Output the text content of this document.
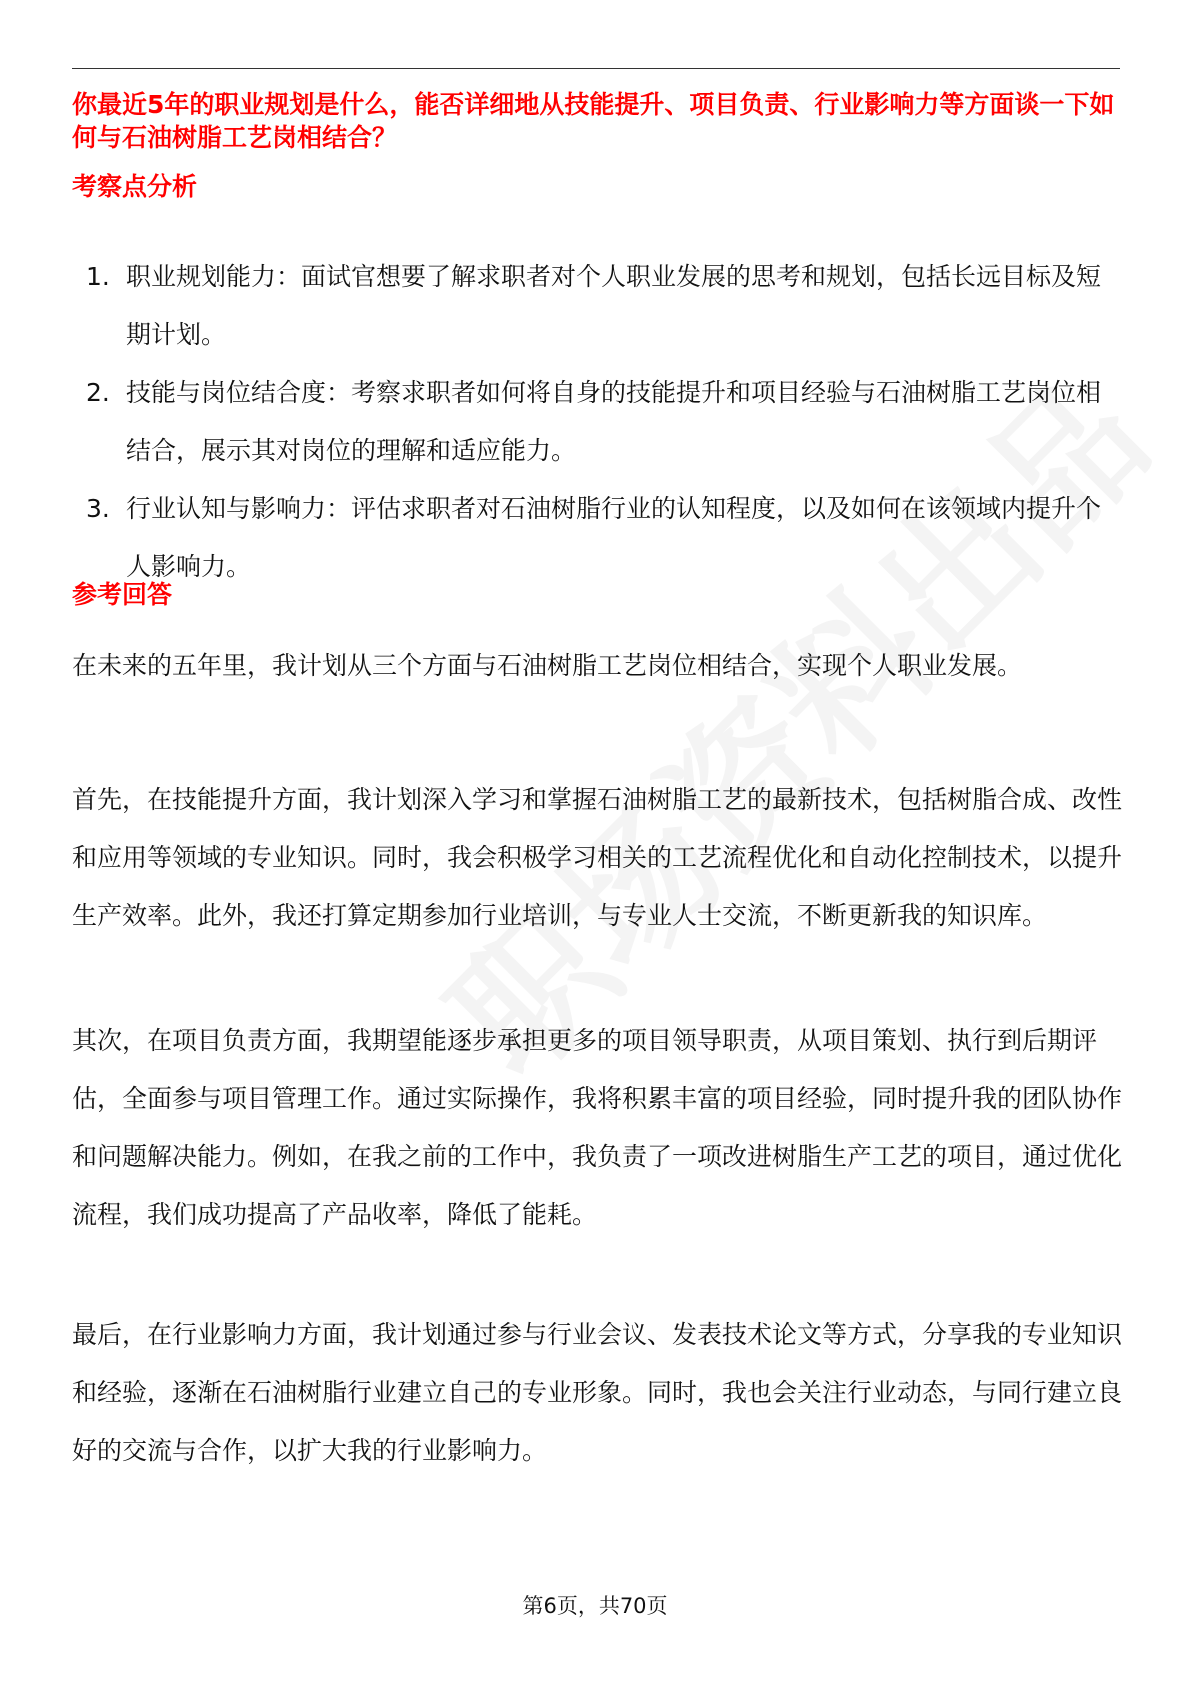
你最近5年的职业规划是什么，能否详细地从技能提升、项目负责、行业影响力等方面谈一下如何与石油树脂工艺岗相结合？

考察点分析
1. 职业规划能力：面试官想要了解求职者对个人职业发展的思考和规划，包括长远目标及短期计划。
2. 技能与岗位结合度：考察求职者如何将自身的技能提升和项目经验与石油树脂工艺岗位相结合，展示其对岗位的理解和适应能力。
3. 行业认知与影响力：评估求职者对石油树脂行业的认知程度，以及如何在该领域内提升个人影响力。
参考回答

在未来的五年里，我计划从三个方面与石油树脂工艺岗位相结合，实现个人职业发展。

首先，在技能提升方面，我计划深入学习和掌握石油树脂工艺的最新技术，包括树脂合成、改性和应用等领域的专业知识。同时，我会积极学习相关的工艺流程优化和自动化控制技术，以提升生产效率。此外，我还打算定期参加行业培训，与专业人士交流，不断更新我的知识库。

其次，在项目负责方面，我期望能逐步承担更多的项目领导职责，从项目策划、执行到后期评估，全面参与项目管理工作。通过实际操作，我将积累丰富的项目经验，同时提升我的团队协作和问题解决能力。例如，在我之前的工作中，我负责了一项改进树脂生产工艺的项目，通过优化流程，我们成功提高了产品收率，降低了能耗。

最后，在行业影响力方面，我计划通过参与行业会议、发表技术论文等方式，分享我的专业知识和经验，逐渐在石油树脂行业建立自己的专业形象。同时，我也会关注行业动态，与同行建立良好的交流与合作，以扩大我的行业影响力。

第6页，共70页
